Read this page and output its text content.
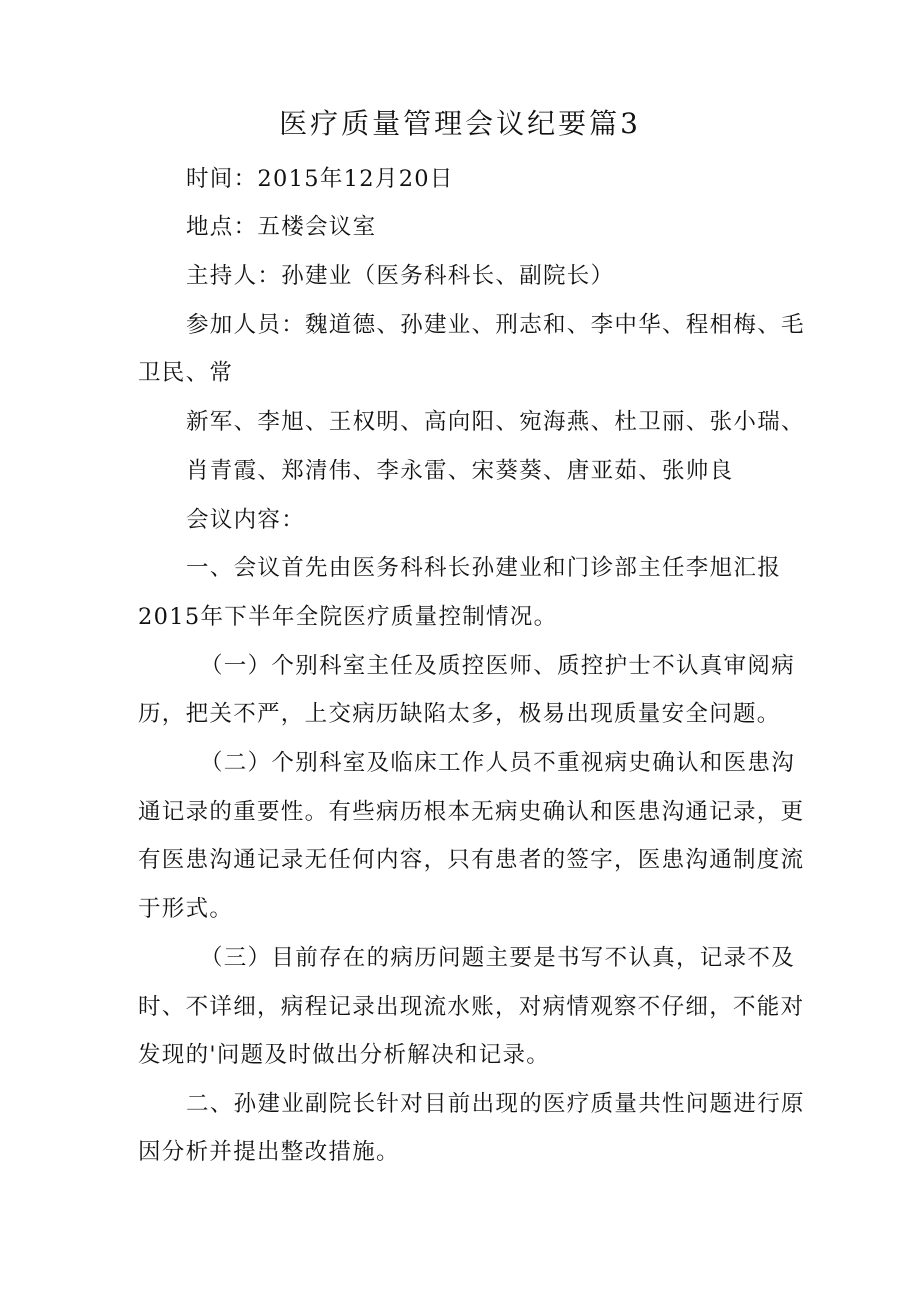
医疗质量管理会议纪要篇3
时间：2015年12月20日
地点：五楼会议室
主持人：孙建业（医务科科长、副院长）
参加人员：魏道德、孙建业、刑志和、李中华、程相梅、毛
卫民、常
新军、李旭、王权明、高向阳、宛海燕、杜卫丽、张小瑞、
肖青霞、郑清伟、李永雷、宋葵葵、唐亚茹、张帅良
会议内容：
一、会议首先由医务科科长孙建业和门诊部主任李旭汇报
2015年下半年全院医疗质量控制情况。
（一）个别科室主任及质控医师、质控护士不认真审阅病
历，把关不严，上交病历缺陷太多，极易出现质量安全问题。
（二）个别科室及临床工作人员不重视病史确认和医患沟
通记录的重要性。有些病历根本无病史确认和医患沟通记录，更
有医患沟通记录无任何内容，只有患者的签字，医患沟通制度流
于形式。
（三）目前存在的病历问题主要是书写不认真，记录不及
时、不详细，病程记录出现流水账，对病情观察不仔细，不能对
发现的'问题及时做出分析解决和记录。
二、孙建业副院长针对目前出现的医疗质量共性问题进行原
因分析并提出整改措施。
